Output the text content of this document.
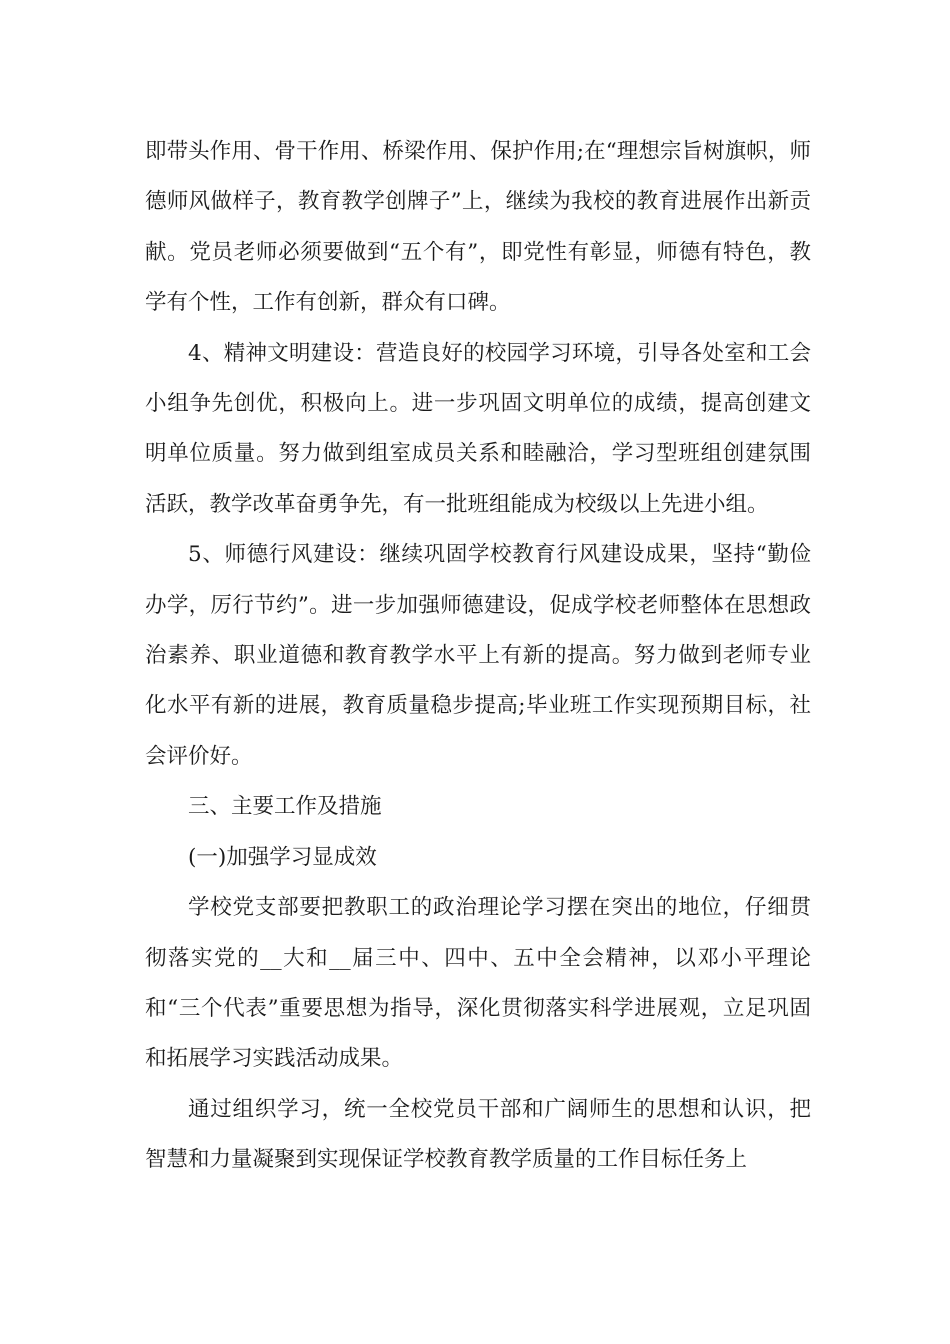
即带头作用、骨干作用、桥梁作用、保护作用;在“理想宗旨树旗帜，师德师风做样子，教育教学创牌子”上，继续为我校的教育进展作出新贡献。党员老师必须要做到“五个有”，即党性有彰显，师德有特色，教学有个性，工作有创新，群众有口碑。

4、精神文明建设：营造良好的校园学习环境，引导各处室和工会小组争先创优，积极向上。进一步巩固文明单位的成绩，提高创建文明单位质量。努力做到组室成员关系和睦融洽，学习型班组创建氛围活跃，教学改革奋勇争先，有一批班组能成为校级以上先进小组。

5、师德行风建设：继续巩固学校教育行风建设成果，坚持“勤俭办学，厉行节约”。进一步加强师德建设，促成学校老师整体在思想政治素养、职业道德和教育教学水平上有新的提高。努力做到老师专业化水平有新的进展，教育质量稳步提高;毕业班工作实现预期目标，社会评价好。

三、主要工作及措施

(一)加强学习显成效

学校党支部要把教职工的政治理论学习摆在突出的地位，仔细贯彻落实党的__大和__届三中、四中、五中全会精神，以邓小平理论和“三个代表”重要思想为指导，深化贯彻落实科学进展观，立足巩固和拓展学习实践活动成果。

通过组织学习，统一全校党员干部和广阔师生的思想和认识，把智慧和力量凝聚到实现保证学校教育教学质量的工作目标任务上
